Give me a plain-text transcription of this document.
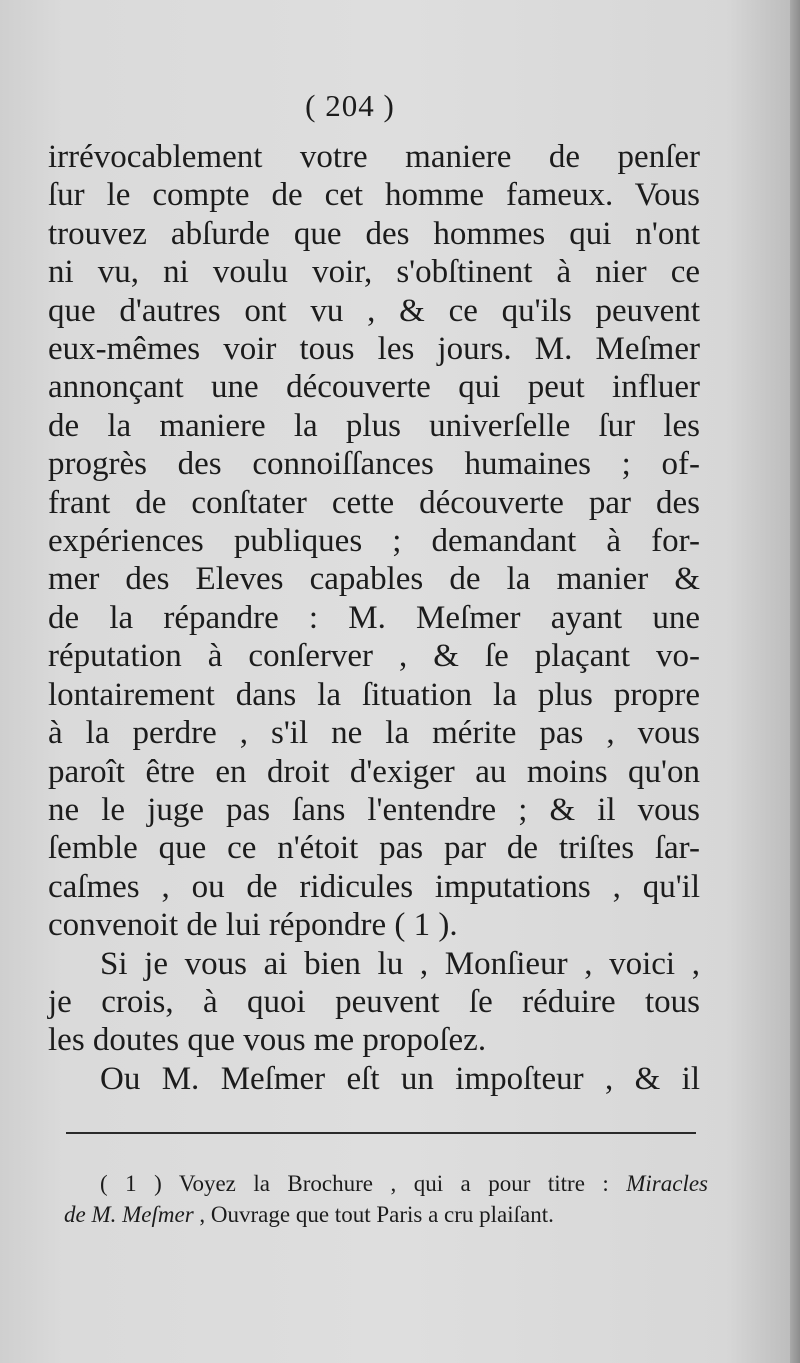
( 204 )
irrévocablement votre maniere de penſer
ſur le compte de cet homme fameux. Vous
trouvez abſurde que des hommes qui n'ont
ni vu, ni voulu voir, s'obſtinent à nier ce
que d'autres ont vu , & ce qu'ils peuvent
eux-mêmes voir tous les jours. M. Meſmer
annonçant une découverte qui peut influer
de la maniere la plus univerſelle ſur les
progrès des connoiſſances humaines ; of-
frant de conſtater cette découverte par des
expériences publiques ; demandant à for-
mer des Eleves capables de la manier &
de la répandre : M. Meſmer ayant une
réputation à conſerver , & ſe plaçant vo-
lontairement dans la ſituation la plus propre
à la perdre , s'il ne la mérite pas , vous
paroît être en droit d'exiger au moins qu'on
ne le juge pas ſans l'entendre ; & il vous
ſemble que ce n'étoit pas par de triſtes ſar-
caſmes , ou de ridicules imputations , qu'il
convenoit de lui répondre ( 1 ).
Si je vous ai bien lu , Monſieur , voici ,
je crois, à quoi peuvent ſe réduire tous
les doutes que vous me propoſez.
Ou M. Meſmer eſt un impoſteur , & il
( 1 ) Voyez la Brochure , qui a pour titre : Miracles
de M. Meſmer , Ouvrage que tout Paris a cru plaiſant.
